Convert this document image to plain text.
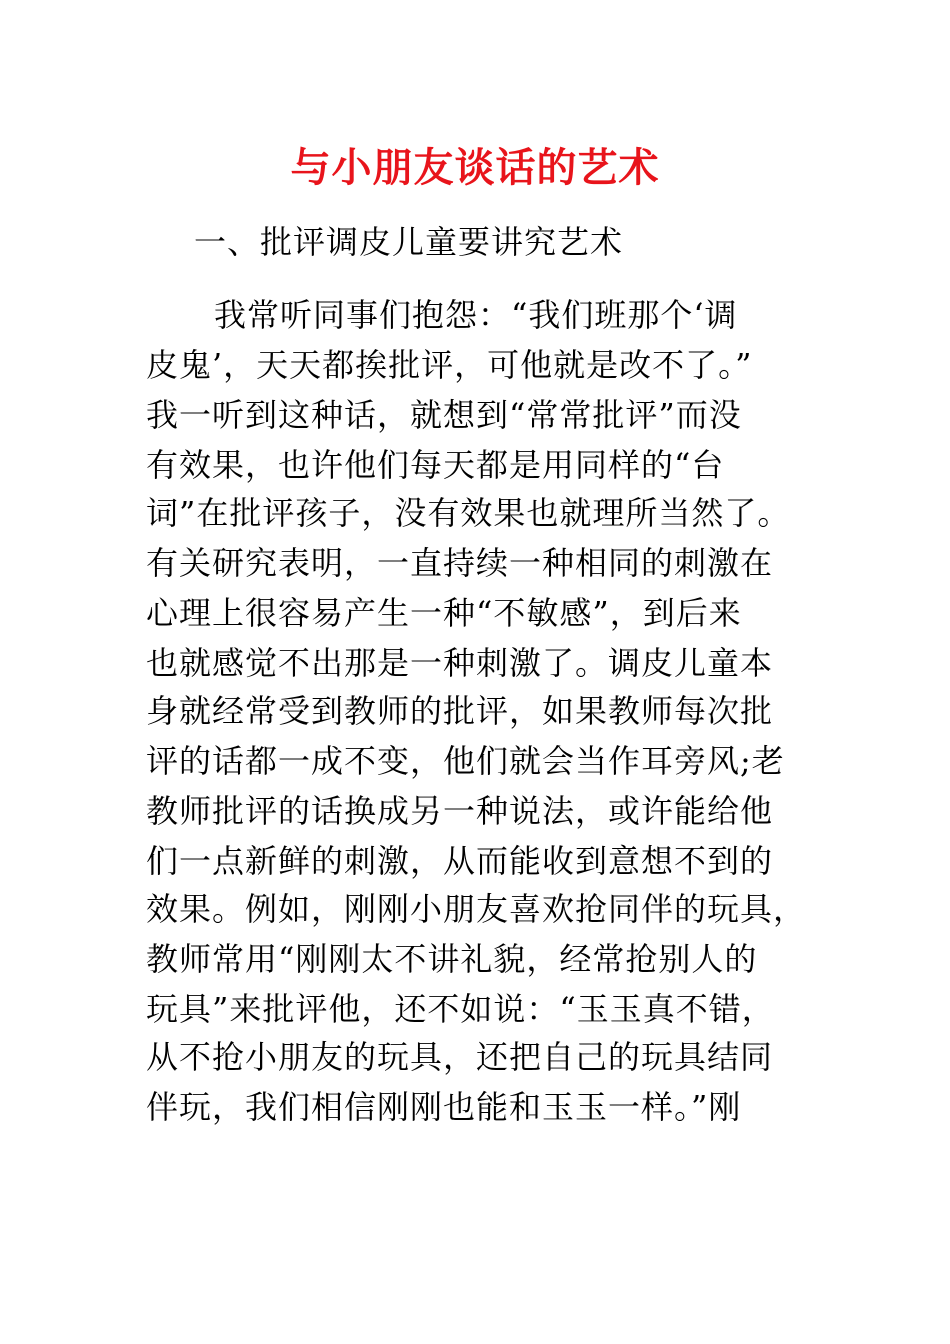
与小朋友谈话的艺术
一、批评调皮儿童要讲究艺术
我常听同事们抱怨：“我们班那个‘调
皮鬼’，天天都挨批评，可他就是改不了。”
我一听到这种话，就想到“常常批评”而没
有效果，也许他们每天都是用同样的“台
词”在批评孩子，没有效果也就理所当然了。
有关研究表明，一直持续一种相同的刺激在
心理上很容易产生一种“不敏感”，到后来
也就感觉不出那是一种刺激了。调皮儿童本
身就经常受到教师的批评，如果教师每次批
评的话都一成不变，他们就会当作耳旁风;老
教师批评的话换成另一种说法，或许能给他
们一点新鲜的刺激，从而能收到意想不到的
效果。例如，刚刚小朋友喜欢抢同伴的玩具，
教师常用“刚刚太不讲礼貌，经常抢别人的
玩具”来批评他，还不如说：“玉玉真不错，
从不抢小朋友的玩具，还把自己的玩具结同
伴玩，我们相信刚刚也能和玉玉一样。”刚
